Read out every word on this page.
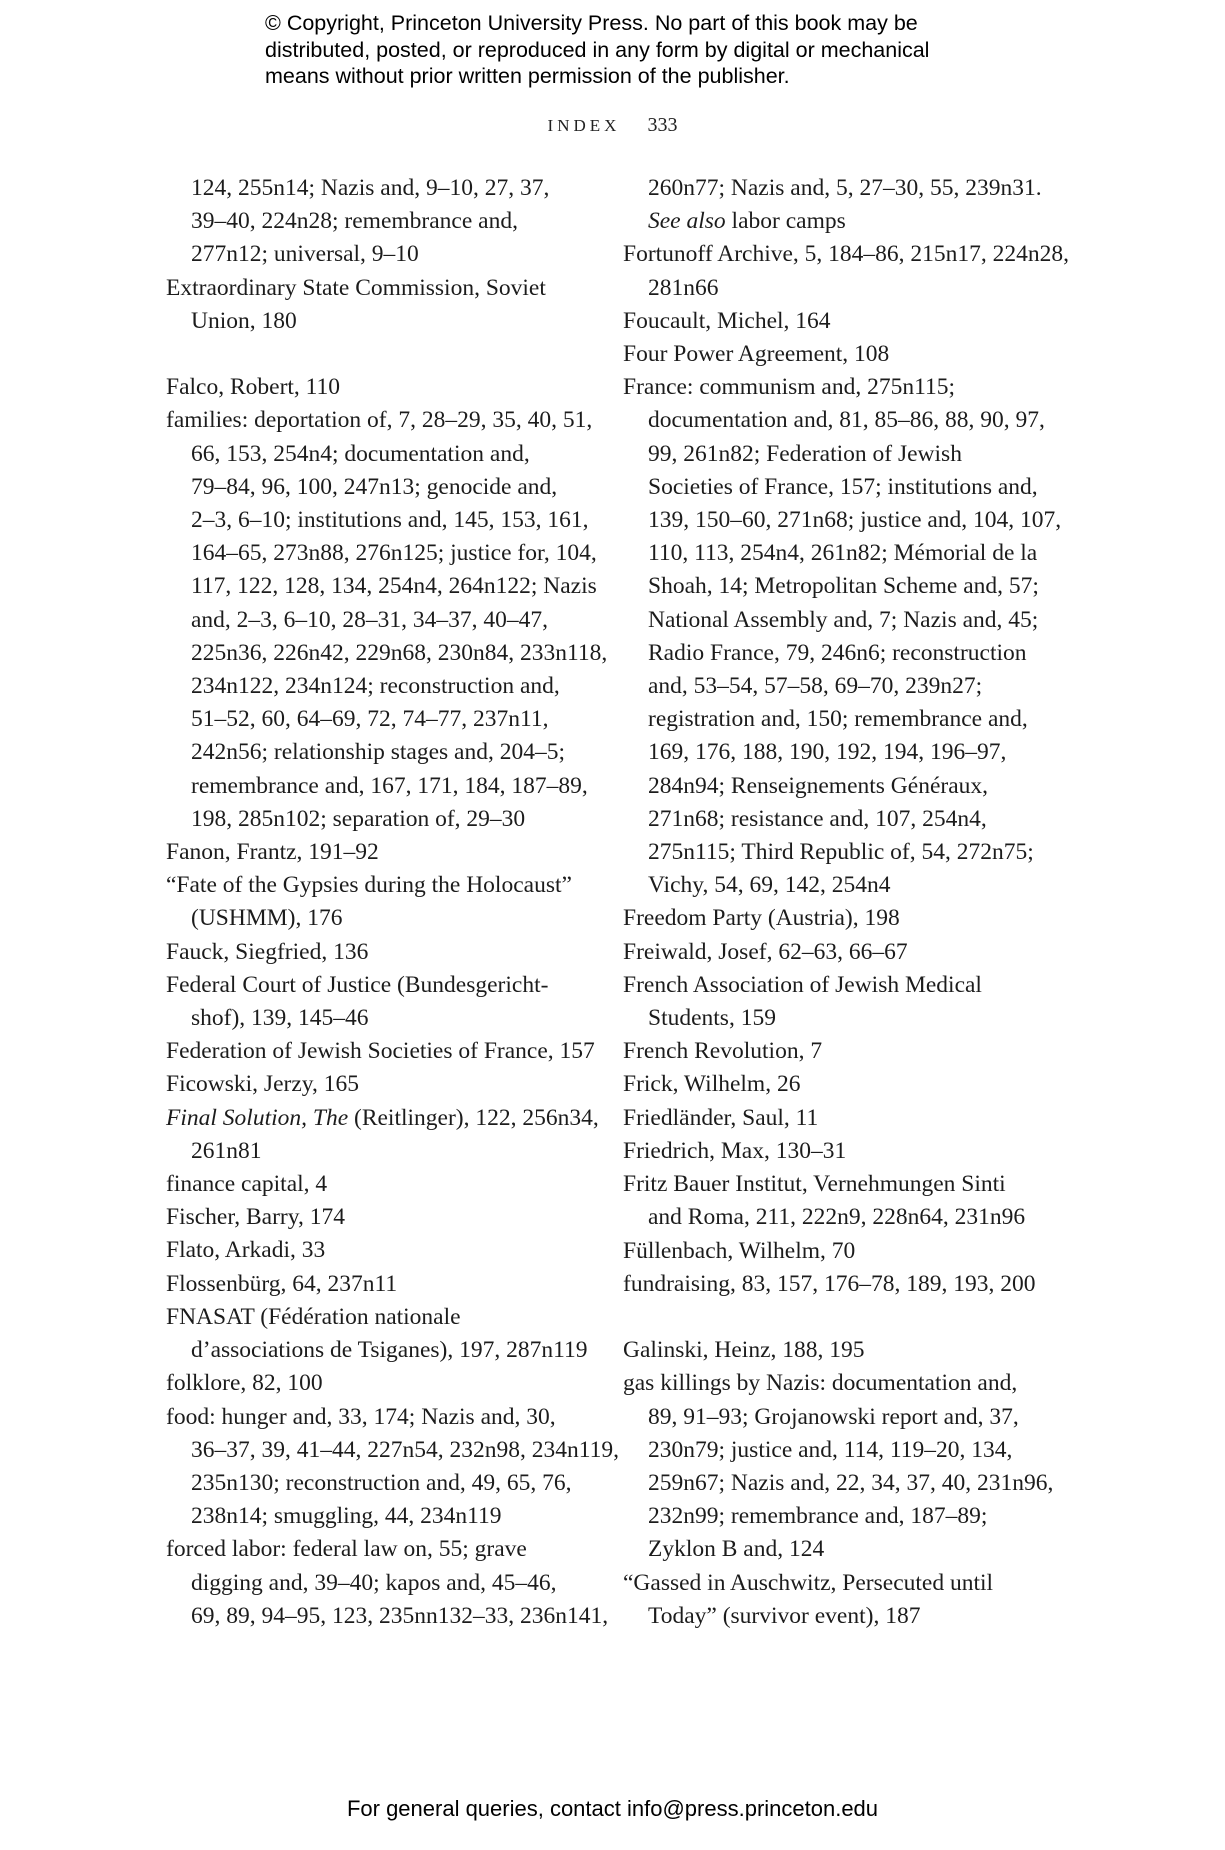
© Copyright, Princeton University Press. No part of this book may be
distributed, posted, or reproduced in any form by digital or mechanical
means without prior written permission of the publisher.
INDEX 333
124, 255n14; Nazis and, 9–10, 27, 37,
39–40, 224n28; remembrance and,
277n12; universal, 9–10
Extraordinary State Commission, Soviet
Union, 180
Falco, Robert, 110
families: deportation of, 7, 28–29, 35, 40, 51,
66, 153, 254n4; documentation and,
79–84, 96, 100, 247n13; genocide and,
2–3, 6–10; institutions and, 145, 153, 161,
164–65, 273n88, 276n125; justice for, 104,
117, 122, 128, 134, 254n4, 264n122; Nazis
and, 2–3, 6–10, 28–31, 34–37, 40–47,
225n36, 226n42, 229n68, 230n84, 233n118,
234n122, 234n124; reconstruction and,
51–52, 60, 64–69, 72, 74–77, 237n11,
242n56; relationship stages and, 204–5;
remembrance and, 167, 171, 184, 187–89,
198, 285n102; separation of, 29–30
Fanon, Frantz, 191–92
“Fate of the Gypsies during the Holocaust”
(USHMM), 176
Fauck, Siegfried, 136
Federal Court of Justice (Bundesgericht-
shof), 139, 145–46
Federation of Jewish Societies of France, 157
Ficowski, Jerzy, 165
Final Solution, The (Reitlinger), 122, 256n34,
261n81
finance capital, 4
Fischer, Barry, 174
Flato, Arkadi, 33
Flossenbürg, 64, 237n11
FNASAT (Fédération nationale
d’associations de Tsiganes), 197, 287n119
folklore, 82, 100
food: hunger and, 33, 174; Nazis and, 30,
36–37, 39, 41–44, 227n54, 232n98, 234n119,
235n130; reconstruction and, 49, 65, 76,
238n14; smuggling, 44, 234n119
forced labor: federal law on, 55; grave
digging and, 39–40; kapos and, 45–46,
69, 89, 94–95, 123, 235nn132–33, 236n141,
260n77; Nazis and, 5, 27–30, 55, 239n31.
See also labor camps
Fortunoff Archive, 5, 184–86, 215n17, 224n28,
281n66
Foucault, Michel, 164
Four Power Agreement, 108
France: communism and, 275n115;
documentation and, 81, 85–86, 88, 90, 97,
99, 261n82; Federation of Jewish
Societies of France, 157; institutions and,
139, 150–60, 271n68; justice and, 104, 107,
110, 113, 254n4, 261n82; Mémorial de la
Shoah, 14; Metropolitan Scheme and, 57;
National Assembly and, 7; Nazis and, 45;
Radio France, 79, 246n6; reconstruction
and, 53–54, 57–58, 69–70, 239n27;
registration and, 150; remembrance and,
169, 176, 188, 190, 192, 194, 196–97,
284n94; Renseignements Généraux,
271n68; resistance and, 107, 254n4,
275n115; Third Republic of, 54, 272n75;
Vichy, 54, 69, 142, 254n4
Freedom Party (Austria), 198
Freiwald, Josef, 62–63, 66–67
French Association of Jewish Medical
Students, 159
French Revolution, 7
Frick, Wilhelm, 26
Friedländer, Saul, 11
Friedrich, Max, 130–31
Fritz Bauer Institut, Vernehmungen Sinti
and Roma, 211, 222n9, 228n64, 231n96
Füllenbach, Wilhelm, 70
fundraising, 83, 157, 176–78, 189, 193, 200
Galinski, Heinz, 188, 195
gas killings by Nazis: documentation and,
89, 91–93; Grojanowski report and, 37,
230n79; justice and, 114, 119–20, 134,
259n67; Nazis and, 22, 34, 37, 40, 231n96,
232n99; remembrance and, 187–89;
Zyklon B and, 124
“Gassed in Auschwitz, Persecuted until
Today” (survivor event), 187
For general queries, contact info@press.princeton.edu
